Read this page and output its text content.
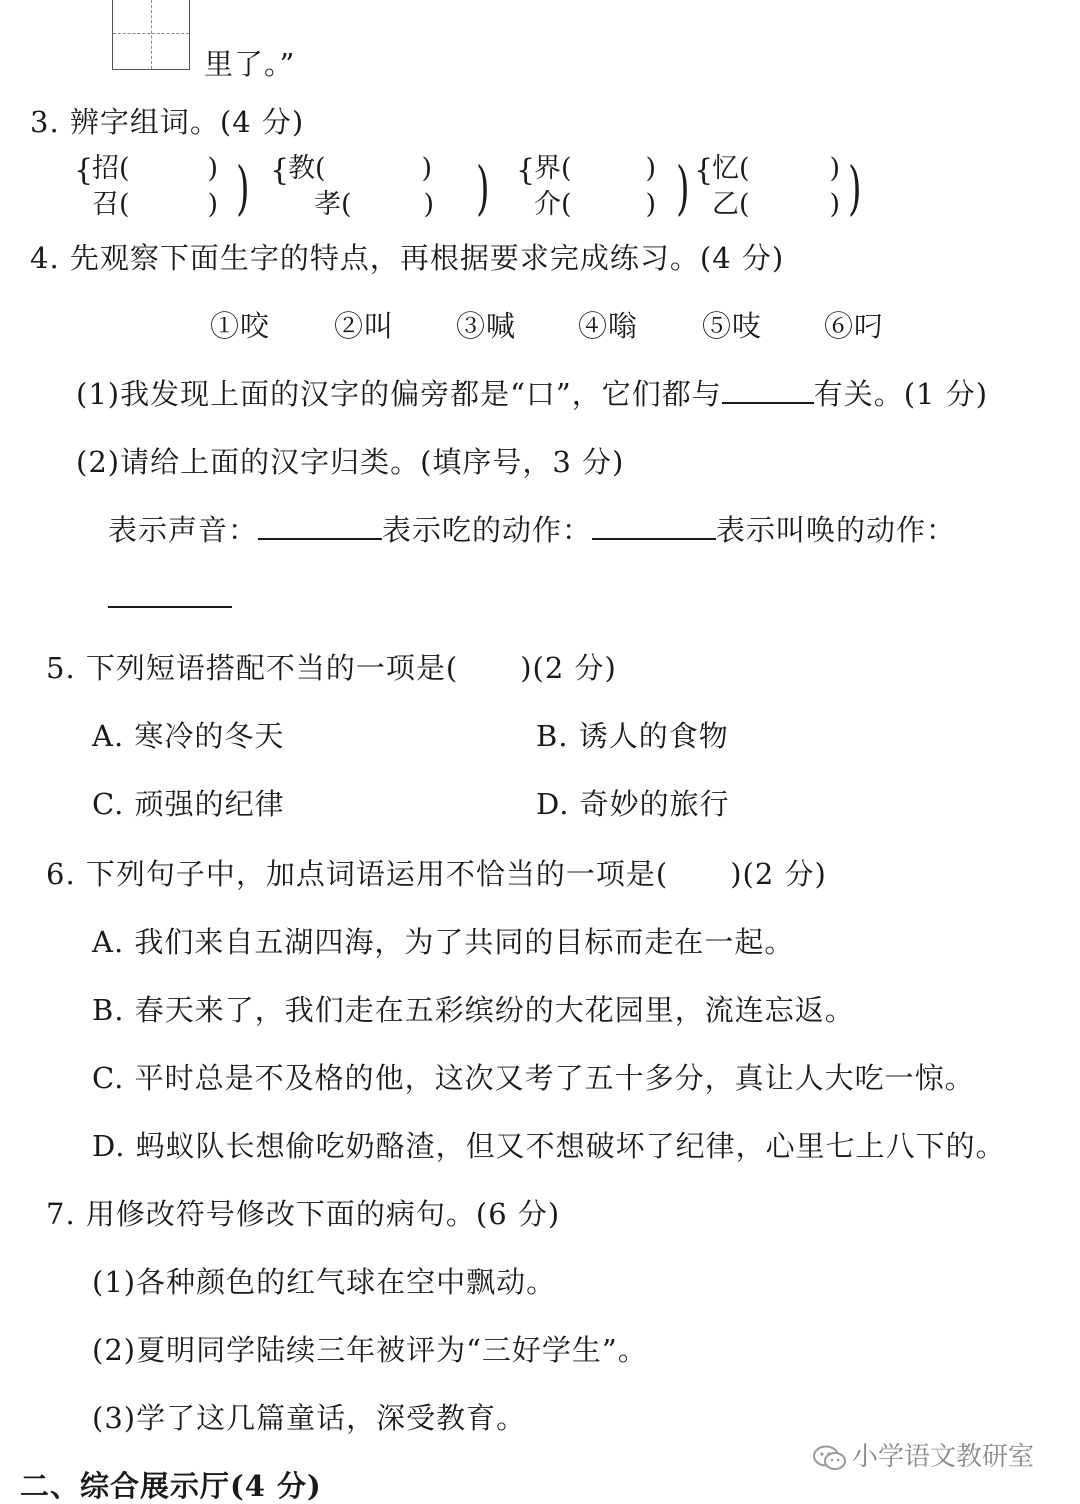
里了。”
3. 辨字组词。(4 分)
{
招(	)
召(	) ) {
教(	)
孝(	) ) {
界(	)
介(	) ) {
忆(	)
乙(	) )
4. 先观察下面生字的特点，再根据要求完成练习。(4 分)
①咬 ②叫 ③喊 ④嗡 ⑤吱 ⑥叼
(1)我发现上面的汉字的偏旁都是“口”，它们都与	有关。(1 分)
(2)请给上面的汉字归类。(填序号，3 分)
表示声音：	表示吃的动作：	表示叫唤的动作：
5. 下列短语搭配不当的一项是( )(2 分)
A. 寒冷的冬天	B. 诱人的食物
C. 顽强的纪律	D. 奇妙的旅行
6. 下列句子中，加点词语运用不恰当的一项是( )(2 分)
A. 我们来自五湖四海，为了共同的目标而走在一起。
B. 春天来了，我们走在五彩缤纷的大花园里，流连忘返。
C. 平时总是不及格的他，这次又考了五十多分，真让人大吃一惊。
D. 蚂蚁队长想偷吃奶酪渣，但又不想破坏了纪律，心里七上八下的。
7. 用修改符号修改下面的病句。(6 分)
(1)各种颜色的红气球在空中飘动。
(2)夏明同学陆续三年被评为“三好学生”。
(3)学了这几篇童话，深受教育。
二、综合展示厅(4 分)
小学语文教研室
